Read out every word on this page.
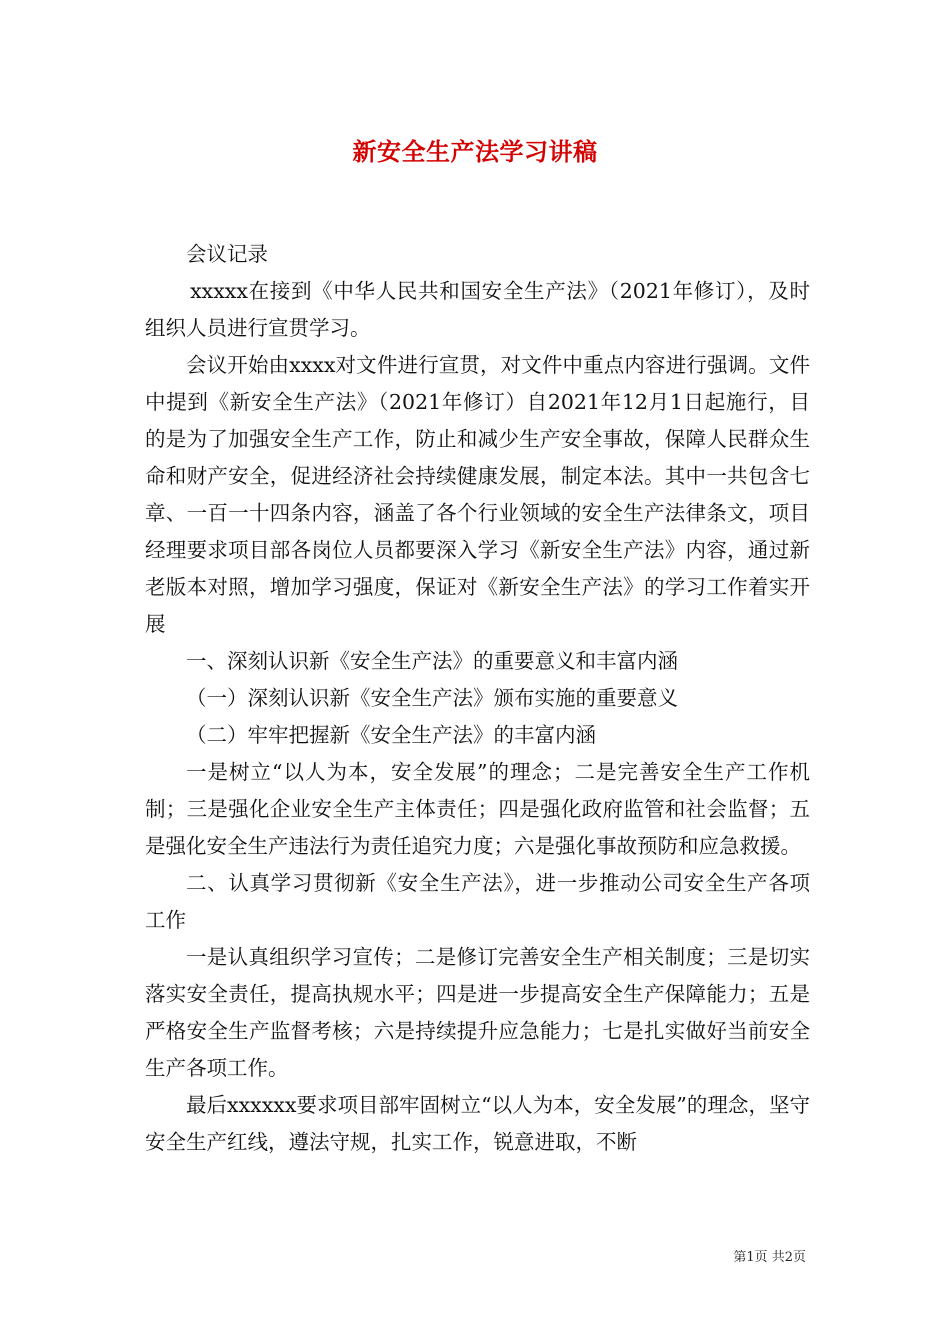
新安全生产法学习讲稿

会议记录

xxxxx在接到《中华人民共和国安全生产法》（2021年修订），及时组织人员进行宣贯学习。

会议开始由xxxx对文件进行宣贯，对文件中重点内容进行强调。文件中提到《新安全生产法》（2021年修订）自2021年12月1日起施行，目的是为了加强安全生产工作，防止和减少生产安全事故，保障人民群众生命和财产安全，促进经济社会持续健康发展，制定本法。其中一共包含七章、一百一十四条内容，涵盖了各个行业领域的安全生产法律条文，项目经理要求项目部各岗位人员都要深入学习《新安全生产法》内容，通过新老版本对照，增加学习强度，保证对《新安全生产法》的学习工作着实开展

一、深刻认识新《安全生产法》的重要意义和丰富内涵

（一）深刻认识新《安全生产法》颁布实施的重要意义

（二）牢牢把握新《安全生产法》的丰富内涵

一是树立“以人为本，安全发展”的理念；二是完善安全生产工作机制；三是强化企业安全生产主体责任；四是强化政府监管和社会监督；五是强化安全生产违法行为责任追究力度；六是强化事故预防和应急救援。

二、认真学习贯彻新《安全生产法》，进一步推动公司安全生产各项工作

一是认真组织学习宣传；二是修订完善安全生产相关制度；三是切实落实安全责任，提高执规水平；四是进一步提高安全生产保障能力；五是严格安全生产监督考核；六是持续提升应急能力；七是扎实做好当前安全生产各项工作。

最后xxxxxx要求项目部牢固树立“以人为本，安全发展”的理念，坚守安全生产红线，遵法守规，扎实工作，锐意进取，不断

第1页 共2页
